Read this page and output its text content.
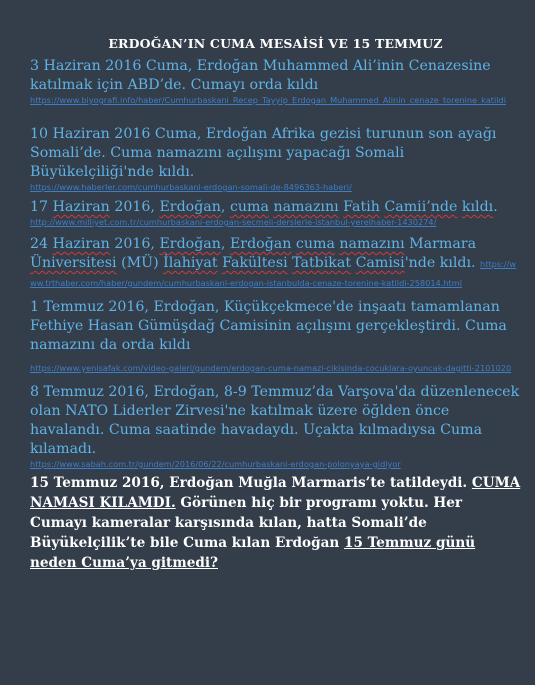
ERDOĞAN’IN CUMA MESAİSİ VE 15 TEMMUZ
3 Haziran 2016 Cuma, Erdoğan Muhammed Ali’inin Cenazesine katılmak için ABD’de. Cumayı orda kıldı
https://www.biyografi.info/haber/Cumhurbaskani_Recep_Tayyip_Erdogan_Muhammed_Alinin_cenaze_torenine_katildi
10 Haziran 2016 Cuma, Erdoğan Afrika gezisi turunun son ayağı Somali’de. Cuma namazını açılışını yapacağı Somali Büyükelçiliği'nde kıldı.
https://www.haberler.com/cumhurbaskani-erdogan-somali-de-8496363-haberi/
17 Haziran 2016, Erdoğan, cuma namazını Fatih Camii’nde kıldı.
http://www.milliyet.com.tr/cumhurbaskani-erdogan-secmeli-derslerle-istanbul-yerelhaber-1430274/
24 Haziran 2016, Erdoğan, Erdoğan cuma namazını Marmara Üniversitesi (MÜ) İlahiyat Fakültesi Tatbikat Camisi'nde kıldı. https://www.trthaber.com/haber/gundem/cumhurbaskani-erdogan-istanbulda-cenaze-torenine-katildi-258014.html
1 Temmuz 2016, Erdoğan, Küçükçekmece'de inşaatı tamamlanan Fethiye Hasan Gümüşdağ Camisinin açılışını gerçekleştirdi. Cuma namazını da orda kıldı
https://www.yenisafak.com/video-galeri/gundem/erdogan-cuma-namazi-cikisinda-cocuklara-oyuncak-dagitti-2101020
8 Temmuz 2016, Erdoğan, 8-9 Temmuz’da Varşova'da düzenlenecek olan NATO Liderler Zirvesi'ne katılmak üzere öğlden önce havalandı. Cuma saatinde havadaydı. Uçakta kılmadıysa Cuma kılamadı.
https://www.sabah.com.tr/gundem/2016/06/22/cumhurbaskani-erdogan-polonyaya-gidiyor
15 Temmuz 2016, Erdoğan Muğla Marmaris’te tatildeydi. CUMA NAMASI KILAMDI. Görünen hiç bir programı yoktu. Her Cumayı kameralar karşısında kılan, hatta Somali’de Büyükelçilik’te bile Cuma kılan Erdoğan 15 Temmuz günü neden Cuma’ya gitmedi?
